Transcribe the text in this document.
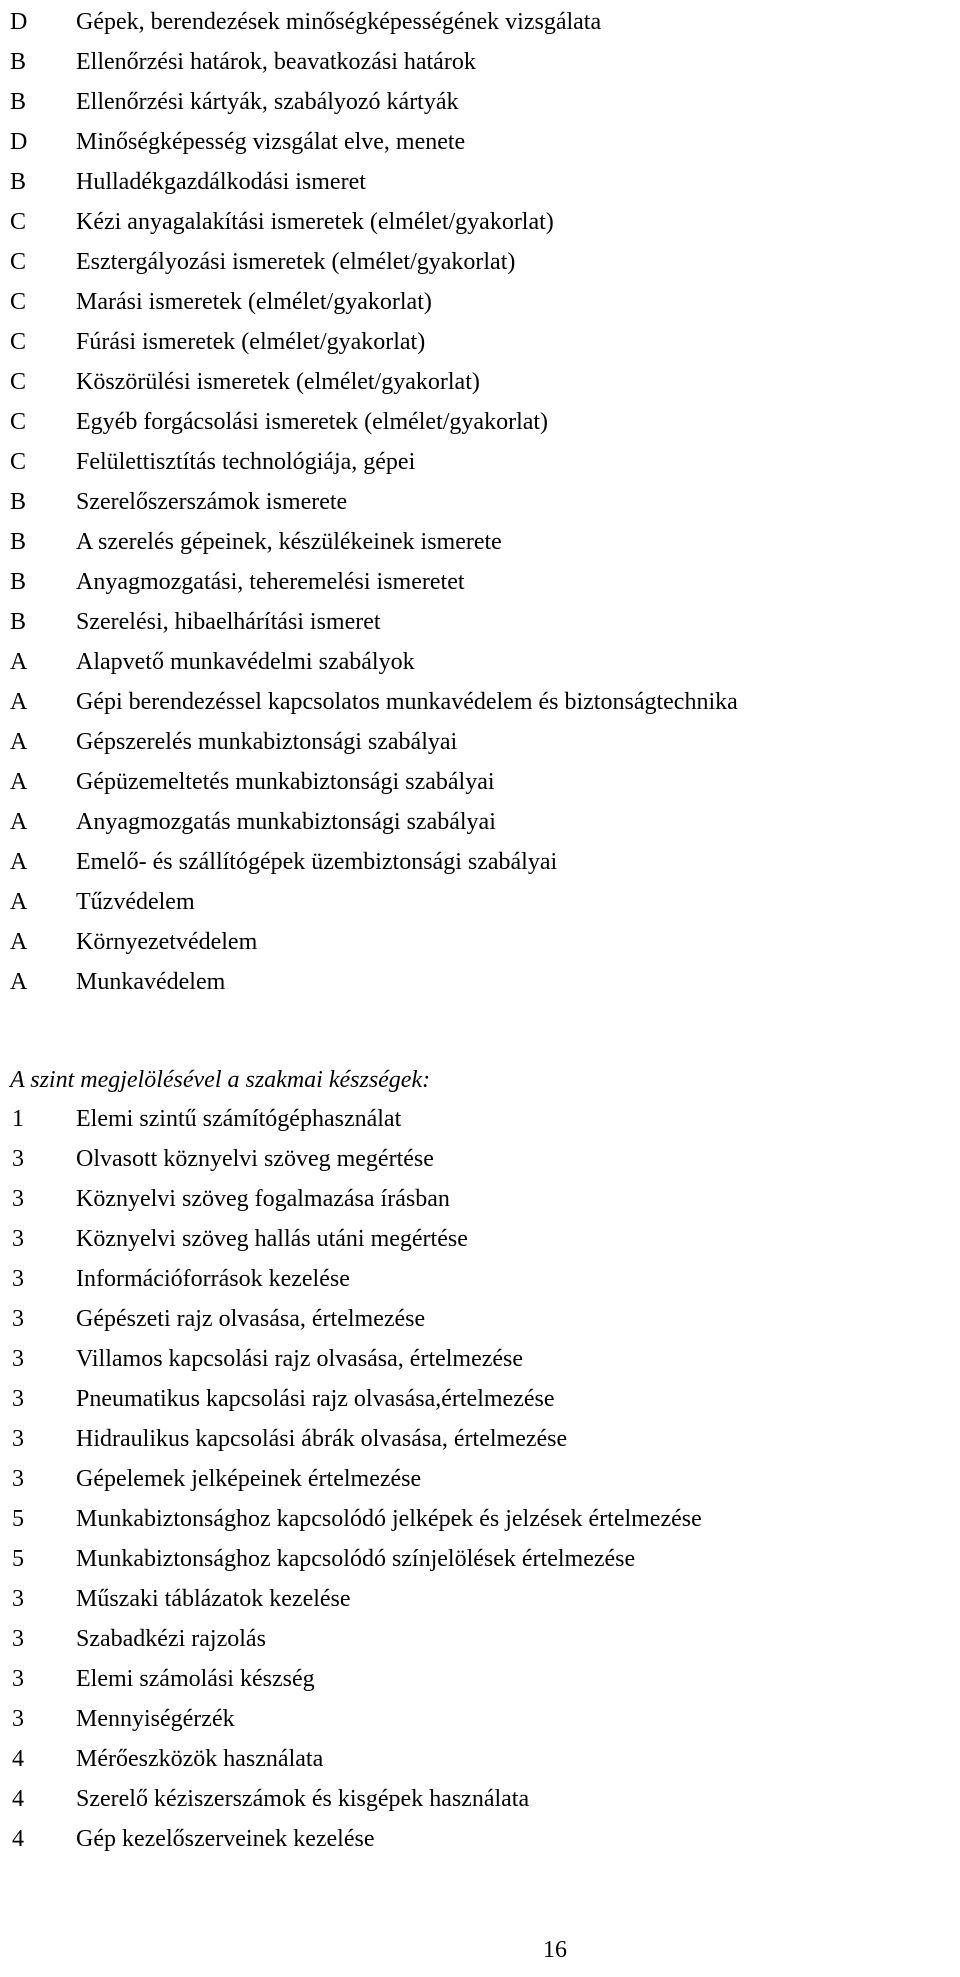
D	Gépek, berendezések minőségképességének vizsgálata
B	Ellenőrzési határok, beavatkozási határok
B	Ellenőrzési kártyák, szabályozó kártyák
D	Minőségképesség vizsgálat elve, menete
B	Hulladékgazdálkodási ismeret
C	Kézi anyagalakítási ismeretek (elmélet/gyakorlat)
C	Esztergályozási ismeretek (elmélet/gyakorlat)
C	Marási ismeretek (elmélet/gyakorlat)
C	Fúrási ismeretek (elmélet/gyakorlat)
C	Köszörülési ismeretek (elmélet/gyakorlat)
C	Egyéb forgácsolási ismeretek (elmélet/gyakorlat)
C	Felülettisztítás technológiája, gépei
B	Szerelőszerszámok ismerete
B	A szerelés gépeinek, készülékeinek ismerete
B	Anyagmozgatási, teheremelési ismeretet
B	Szerelési, hibaelhárítási ismeret
A	Alapvető munkavédelmi szabályok
A	Gépi berendezéssel kapcsolatos munkavédelem és biztonságtechnika
A	Gépszerelés munkabiztonsági szabályai
A	Gépüzemeltetés munkabiztonsági szabályai
A	Anyagmozgatás munkabiztonsági szabályai
A	Emelő- és szállítógépek üzembiztonsági szabályai
A	Tűzvédelem
A	Környezetvédelem
A	Munkavédelem
A szint megjelölésével a szakmai készségek:
1	Elemi szintű számítógéphasználat
3	Olvasott köznyelvi szöveg megértése
3	Köznyelvi szöveg fogalmazása írásban
3	Köznyelvi szöveg hallás utáni megértése
3	Információforrások kezelése
3	Gépészeti rajz olvasása, értelmezése
3	Villamos kapcsolási rajz olvasása, értelmezése
3	Pneumatikus kapcsolási rajz olvasása,értelmezése
3	Hidraulikus kapcsolási ábrák olvasása, értelmezése
3	Gépelemek jelképeinek értelmezése
5	Munkabiztonsághoz kapcsolódó jelképek és jelzések értelmezése
5	Munkabiztonsághoz kapcsolódó színjelölések értelmezése
3	Műszaki táblázatok kezelése
3	Szabadkézi rajzolás
3	Elemi számolási készség
3	Mennyiségérzék
4	Mérőeszközök használata
4	Szerelő kéziszerszámok és kisgépek használata
4	Gép kezelőszerveinek kezelése
16
